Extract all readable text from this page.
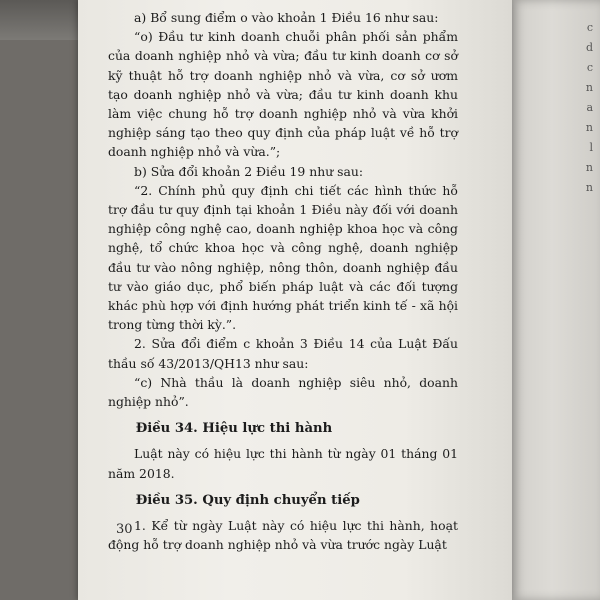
c
d
c
n
a
n
l
n
n

a) Bổ sung điểm o vào khoản 1 Điều 16 như sau:

“o) Đầu tư kinh doanh chuỗi phân phối sản phẩm của doanh nghiệp nhỏ và vừa; đầu tư kinh doanh cơ sở kỹ thuật hỗ trợ doanh nghiệp nhỏ và vừa, cơ sở ươm tạo doanh nghiệp nhỏ và vừa; đầu tư kinh doanh khu làm việc chung hỗ trợ doanh nghiệp nhỏ và vừa khởi nghiệp sáng tạo theo quy định của pháp luật về hỗ trợ doanh nghiệp nhỏ và vừa.”;

b) Sửa đổi khoản 2 Điều 19 như sau:

“2. Chính phủ quy định chi tiết các hình thức hỗ trợ đầu tư quy định tại khoản 1 Điều này đối với doanh nghiệp công nghệ cao, doanh nghiệp khoa học và công nghệ, tổ chức khoa học và công nghệ, doanh nghiệp đầu tư vào nông nghiệp, nông thôn, doanh nghiệp đầu tư vào giáo dục, phổ biến pháp luật và các đối tượng khác phù hợp với định hướng phát triển kinh tế - xã hội trong từng thời kỳ.”.

2. Sửa đổi điểm c khoản 3 Điều 14 của Luật Đấu thầu số 43/2013/QH13 như sau:

“c) Nhà thầu là doanh nghiệp siêu nhỏ, doanh nghiệp nhỏ”.

Điều 34. Hiệu lực thi hành

Luật này có hiệu lực thi hành từ ngày 01 tháng 01 năm 2018.

Điều 35. Quy định chuyển tiếp

1. Kể từ ngày Luật này có hiệu lực thi hành, hoạt động hỗ trợ doanh nghiệp nhỏ và vừa trước ngày Luật

30
